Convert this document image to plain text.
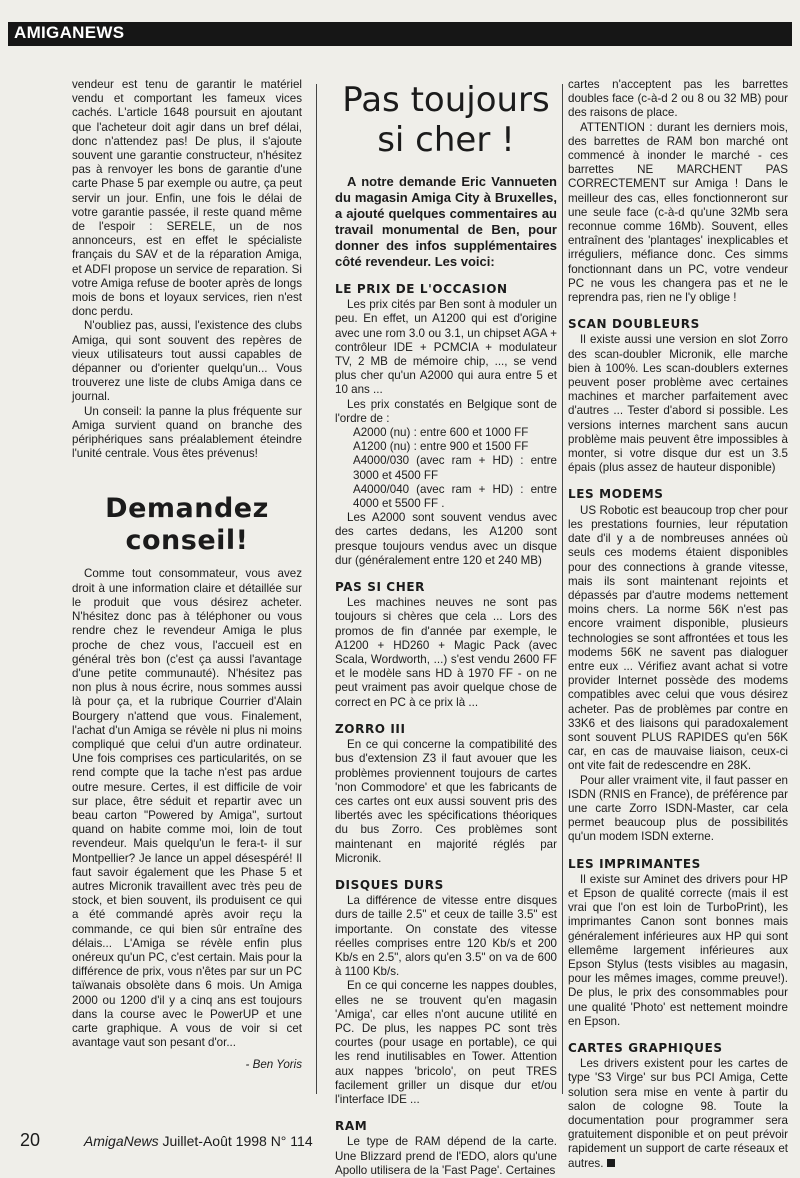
AMIGANEWS

vendeur est tenu de garantir le matériel vendu et comportant les fameux vices cachés. L'article 1648 poursuit en ajoutant que l'acheteur doit agir dans un bref délai, donc n'attendez pas! De plus, il s'ajoute souvent une garantie constructeur, n'hésitez pas à renvoyer les bons de garantie d'une carte Phase 5 par exemple ou autre, ça peut servir un jour. Enfin, une fois le délai de votre garantie passée, il reste quand même de l'espoir : SERELE, un de nos annonceurs, est en effet le spécialiste français du SAV et de la réparation Amiga, et ADFI propose un service de reparation. Si votre Amiga refuse de booter après de longs mois de bons et loyaux services, rien n'est donc perdu.

N'oubliez pas, aussi, l'existence des clubs Amiga, qui sont souvent des repères de vieux utilisateurs tout aussi capables de dépanner ou d'orienter quelqu'un... Vous trouverez une liste de clubs Amiga dans ce journal.

Un conseil: la panne la plus fréquente sur Amiga survient quand on branche des périphériques sans préalablement éteindre l'unité centrale. Vous êtes prévenus!

Demandez conseil!

Comme tout consommateur, vous avez droit à une information claire et détaillée sur le produit que vous désirez acheter. N'hésitez donc pas à téléphoner ou vous rendre chez le revendeur Amiga le plus proche de chez vous, l'accueil est en général très bon (c'est ça aussi l'avantage d'une petite communauté). N'hésitez pas non plus à nous écrire, nous sommes aussi là pour ça, et la rubrique Courrier d'Alain Bourgery n'attend que vous. Finalement, l'achat d'un Amiga se révèle ni plus ni moins compliqué que celui d'un autre ordinateur. Une fois comprises ces particularités, on se rend compte que la tache n'est pas ardue outre mesure. Certes, il est difficile de voir sur place, être séduit et repartir avec un beau carton "Powered by Amiga", surtout quand on habite comme moi, loin de tout revendeur. Mais quelqu'un le fera-t- il sur Montpellier? Je lance un appel désespéré! Il faut savoir également que les Phase 5 et autres Micronik travaillent avec très peu de stock, et bien souvent, ils produisent ce qui a été commandé après avoir reçu la commande, ce qui bien sûr entraîne des délais... L'Amiga se révèle enfin plus onéreux qu'un PC, c'est certain. Mais pour la différence de prix, vous n'êtes par sur un PC taïwanais obsolète dans 6 mois. Un Amiga 2000 ou 1200 d'il y a cinq ans est toujours dans la course avec le PowerUP et une carte graphique. A vous de voir si cet avantage vaut son pesant d'or...

- Ben Yoris
Pas toujours si cher !
A notre demande Eric Vannueten du magasin Amiga City à Bruxelles, a ajouté quelques commentaires au travail monumental de Ben, pour donner des infos supplémentaires côté revendeur. Les voici:
LE PRIX DE L'OCCASION

Les prix cités par Ben sont à moduler un peu. En effet, un A1200 qui est d'origine avec une rom 3.0 ou 3.1, un chipset AGA + contrôleur IDE + PCMCIA + modulateur TV, 2 MB de mémoire chip, ..., se vend plus cher qu'un A2000 qui aura entre 5 et 10 ans ...

Les prix constatés en Belgique sont de l'ordre de :

A2000 (nu) : entre 600 et 1000 FF

A1200 (nu) : entre 900 et 1500 FF

A4000/030 (avec ram + HD) : entre 3000 et 4500 FF

A4000/040 (avec ram + HD) : entre 4000 et 5500 FF .

Les A2000 sont souvent vendus avec des cartes dedans, les A1200 sont presque toujours vendus avec un disque dur (généralement entre 120 et 240 MB)

PAS SI CHER

Les machines neuves ne sont pas toujours si chères que cela ... Lors des promos de fin d'année par exemple, le A1200 + HD260 + Magic Pack (avec Scala, Wordworth, ...) s'est vendu 2600 FF et le modèle sans HD à 1970 FF - on ne peut vraiment pas avoir quelque chose de correct en PC à ce prix là ...

ZORRO III

En ce qui concerne la compatibilité des bus d'extension Z3 il faut avouer que les problèmes proviennent toujours de cartes 'non Commodore' et que les fabricants de ces cartes ont eux aussi souvent pris des libertés avec les spécifications théoriques du bus Zorro. Ces problèmes sont maintenant en majorité réglés par Micronik.

DISQUES DURS

La différence de vitesse entre disques durs de taille 2.5" et ceux de taille 3.5" est importante. On constate des vitesse réelles comprises entre 120 Kb/s et 200 Kb/s en 2.5", alors qu'en 3.5" on va de 600 à 1100 Kb/s.

En ce qui concerne les nappes doubles, elles ne se trouvent qu'en magasin 'Amiga', car elles n'ont aucune utilité en PC. De plus, les nappes PC sont très courtes (pour usage en portable), ce qui les rend inutilisables en Tower. Attention aux nappes 'bricolo', on peut TRES facilement griller un disque dur et/ou l'interface IDE ...

RAM

Le type de RAM dépend de la carte. Une Blizzard prend de l'EDO, alors qu'une Apollo utilisera de la 'Fast Page'. Certaines

cartes n'acceptent pas les barrettes doubles face (c-à-d 2 ou 8 ou 32 MB) pour des raisons de place.

ATTENTION : durant les derniers mois, des barrettes de RAM bon marché ont commencé à inonder le marché - ces barrettes NE MARCHENT PAS CORRECTEMENT sur Amiga ! Dans le meilleur des cas, elles fonctionneront sur une seule face (c-à-d qu'une 32Mb sera reconnue comme 16Mb). Souvent, elles entraînent des 'plantages' inexplicables et irréguliers, méfiance donc. Ces simms fonctionnant dans un PC, votre vendeur PC ne vous les changera pas et ne le reprendra pas, rien ne l'y oblige !

SCAN DOUBLEURS

Il existe aussi une version en slot Zorro des scan-doubler Micronik, elle marche bien à 100%. Les scan-doublers externes peuvent poser problème avec certaines machines et marcher parfaitement avec d'autres ... Tester d'abord si possible. Les versions internes marchent sans aucun problème mais peuvent être impossibles à monter, si votre disque dur est un 3.5 épais (plus assez de hauteur disponible)

LES MODEMS

US Robotic est beaucoup trop cher pour les prestations fournies, leur réputation date d'il y a de nombreuses années où seuls ces modems étaient disponibles pour des connections à grande vitesse, mais ils sont maintenant rejoints et dépassés par d'autre modems nettement moins chers. La norme 56K n'est pas encore vraiment disponible, plusieurs technologies se sont affrontées et tous les modems 56K ne savent pas dialoguer entre eux ... Vérifiez avant achat si votre provider Internet possède des modems compatibles avec celui que vous désirez acheter. Pas de problèmes par contre en 33K6 et des liaisons qui paradoxalement sont souvent PLUS RAPIDES qu'en 56K car, en cas de mauvaise liaison, ceux-ci ont vite fait de redescendre en 28K.

Pour aller vraiment vite, il faut passer en ISDN (RNIS en France), de préférence par une carte Zorro ISDN-Master, car cela permet beaucoup plus de possibilités qu'un modem ISDN externe.

LES IMPRIMANTES

Il existe sur Aminet des drivers pour HP et Epson de qualité correcte (mais il est vrai que l'on est loin de TurboPrint), les imprimantes Canon sont bonnes mais généralement inférieures aux HP qui sont ellemême largement inférieures aux Epson Stylus (tests visibles au magasin, pour les mêmes images, comme preuve!). De plus, le prix des consommables pour une qualité 'Photo' est nettement moindre en Epson.

CARTES GRAPHIQUES

Les drivers existent pour les cartes de type 'S3 Virge' sur bus PCI Amiga, Cette solution sera mise en vente à partir du salon de cologne 98. Toute la documentation pour programmer sera gratuitement disponible et on peut prévoir rapidement un support de carte réseaux et autres.

20	AmigaNews Juillet-Août 1998 N° 114
